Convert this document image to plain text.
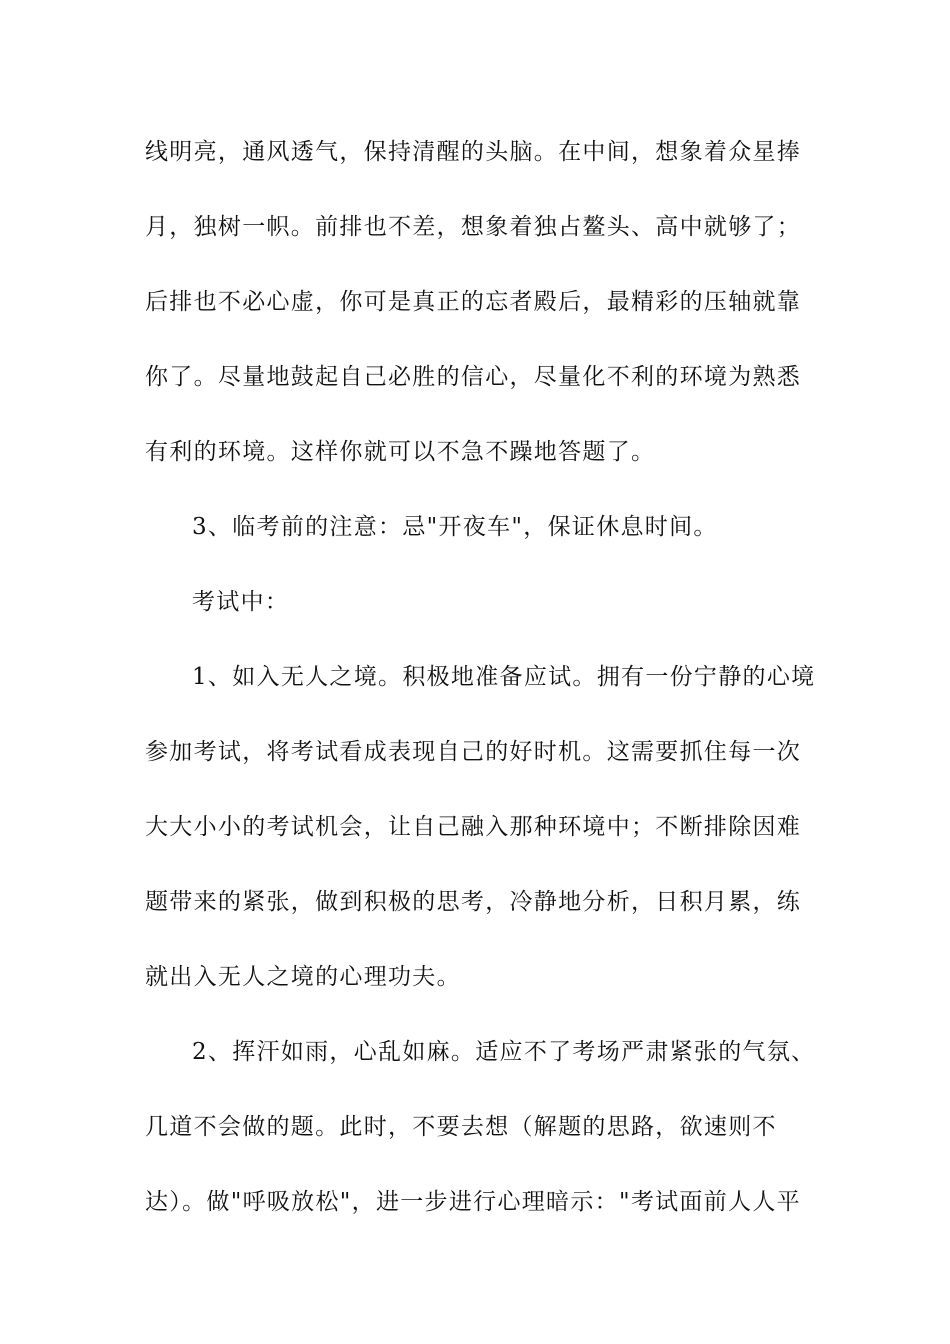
线明亮，通风透气，保持清醒的头脑。在中间，想象着众星捧
月，独树一帜。前排也不差，想象着独占鳌头、高中就够了；
后排也不必心虚，你可是真正的忘者殿后，最精彩的压轴就靠
你了。尽量地鼓起自己必胜的信心，尽量化不利的环境为熟悉
有利的环境。这样你就可以不急不躁地答题了。
3、临考前的注意：忌"开夜车"，保证休息时间。
考试中：
1、如入无人之境。积极地准备应试。拥有一份宁静的心境
参加考试，将考试看成表现自己的好时机。这需要抓住每一次
大大小小的考试机会，让自己融入那种环境中；不断排除因难
题带来的紧张，做到积极的思考，冷静地分析，日积月累，练
就出入无人之境的心理功夫。
2、挥汗如雨，心乱如麻。适应不了考场严肃紧张的气氛、
几道不会做的题。此时，不要去想（解题的思路，欲速则不
达）。做"呼吸放松"，进一步进行心理暗示："考试面前人人平
